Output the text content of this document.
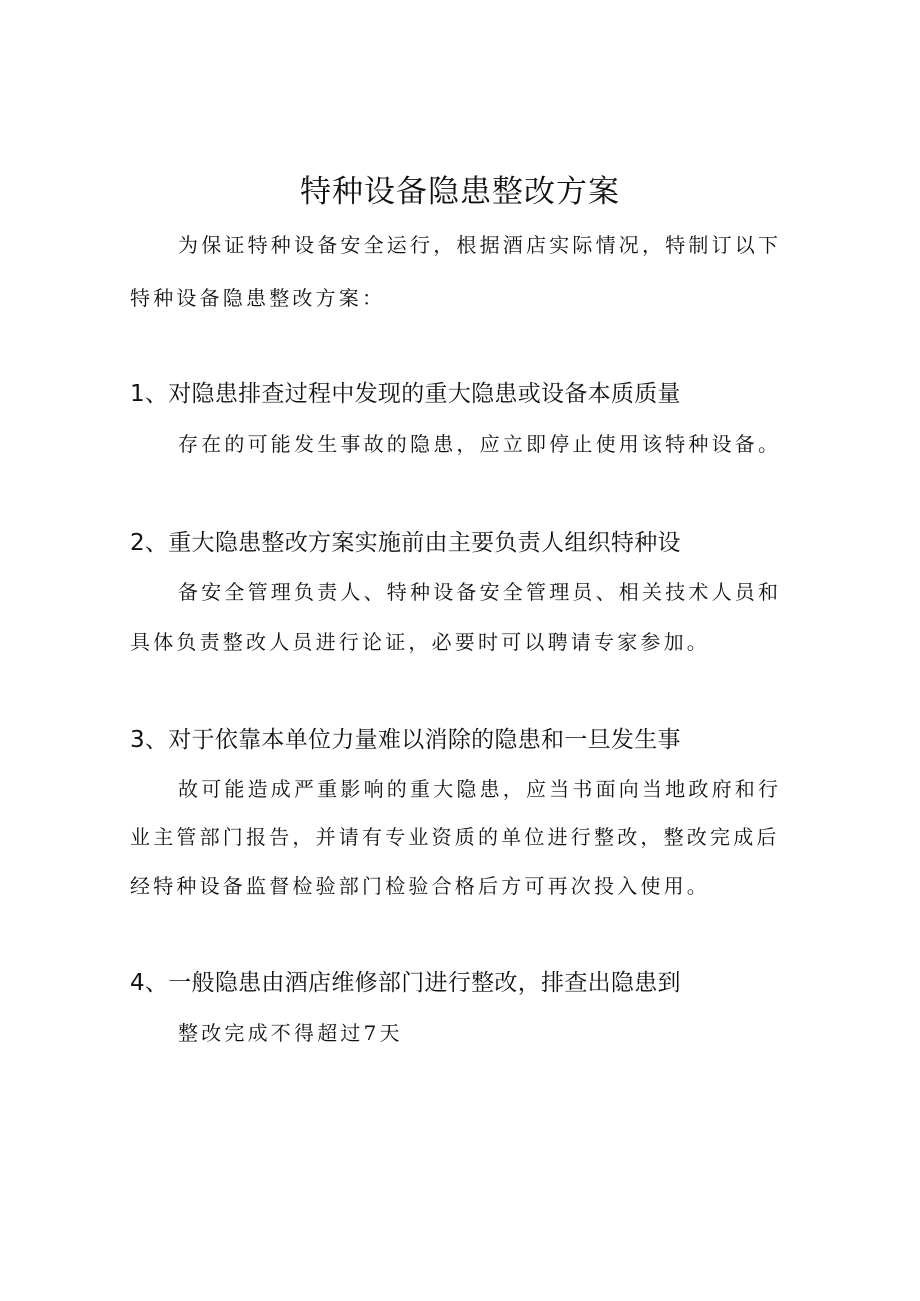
特种设备隐患整改方案
为保证特种设备安全运行，根据酒店实际情况，特制订以下
特种设备隐患整改方案：
1、对隐患排查过程中发现的重大隐患或设备本质质量
存在的可能发生事故的隐患，应立即停止使用该特种设备。
2、重大隐患整改方案实施前由主要负责人组织特种设
备安全管理负责人、特种设备安全管理员、相关技术人员和
具体负责整改人员进行论证，必要时可以聘请专家参加。
3、对于依靠本单位力量难以消除的隐患和一旦发生事
故可能造成严重影响的重大隐患，应当书面向当地政府和行
业主管部门报告，并请有专业资质的单位进行整改，整改完成后
经特种设备监督检验部门检验合格后方可再次投入使用。
4、一般隐患由酒店维修部门进行整改，排查出隐患到
整改完成不得超过7天
